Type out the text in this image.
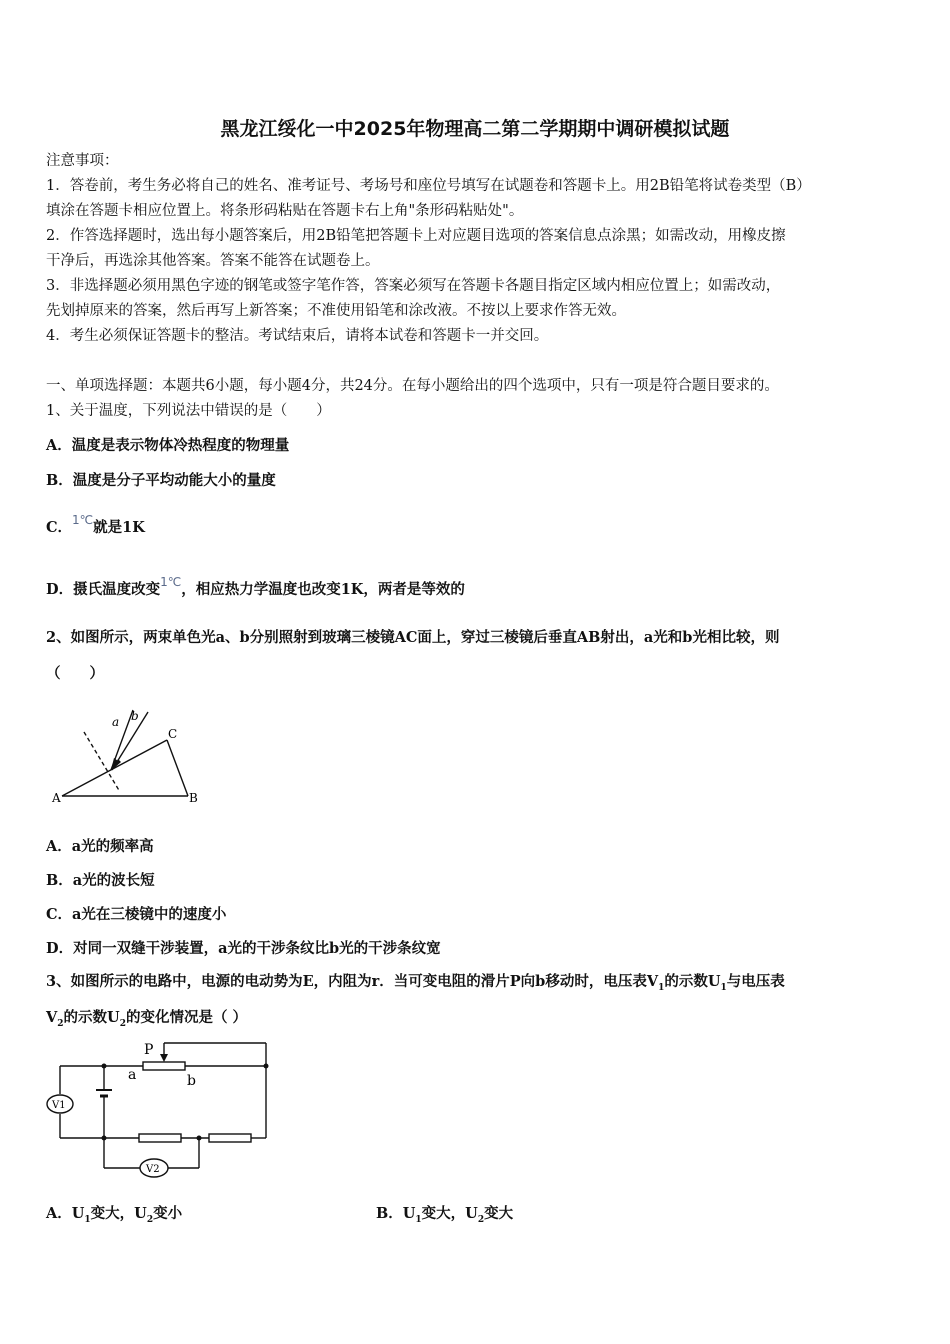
黑龙江绥化一中2025年物理高二第二学期期中调研模拟试题
注意事项：
1．答卷前，考生务必将自己的姓名、准考证号、考场号和座位号填写在试题卷和答题卡上。用2B铅笔将试卷类型（B）
填涂在答题卡相应位置上。将条形码粘贴在答题卡右上角"条形码粘贴处"。
2．作答选择题时，选出每小题答案后，用2B铅笔把答题卡上对应题目选项的答案信息点涂黑；如需改动，用橡皮擦
干净后，再选涂其他答案。答案不能答在试题卷上。
3．非选择题必须用黑色字迹的钢笔或签字笔作答，答案必须写在答题卡各题目指定区域内相应位置上；如需改动，
先划掉原来的答案，然后再写上新答案；不准使用铅笔和涂改液。不按以上要求作答无效。
4．考生必须保证答题卡的整洁。考试结束后，请将本试卷和答题卡一并交回。
一、单项选择题：本题共6小题，每小题4分，共24分。在每小题给出的四个选项中，只有一项是符合题目要求的。
1、关于温度，下列说法中错误的是（　　）
A．温度是表示物体冷热程度的物理量
B．温度是分子平均动能大小的量度
C．$^{1℃}$就是1K
D．摄氏温度改变$^{1℃}$，相应热力学温度也改变1K，两者是等效的
2、如图所示，两束单色光a、b分别照射到玻璃三棱镜AC面上，穿过三棱镜后垂直AB射出，a光和b光相比较，则
（　　）
a b
A	B
C
A．a光的频率高
B．a光的波长短
C．a光在三棱镜中的速度小
D．对同一双缝干涉装置，a光的干涉条纹比b光的干涉条纹宽
3、如图所示的电路中，电源的电动势为E，内阻为r．当可变电阻的滑片P向b移动时，电压表$V_1$的示数$U_1$与电压表
$V_2$的示数$U_2$的变化情况是（ ）
P
a	b
V1
V2
A．$U_1$变大，$U_2$变小	B．$U_1$变大，$U_2$变大
